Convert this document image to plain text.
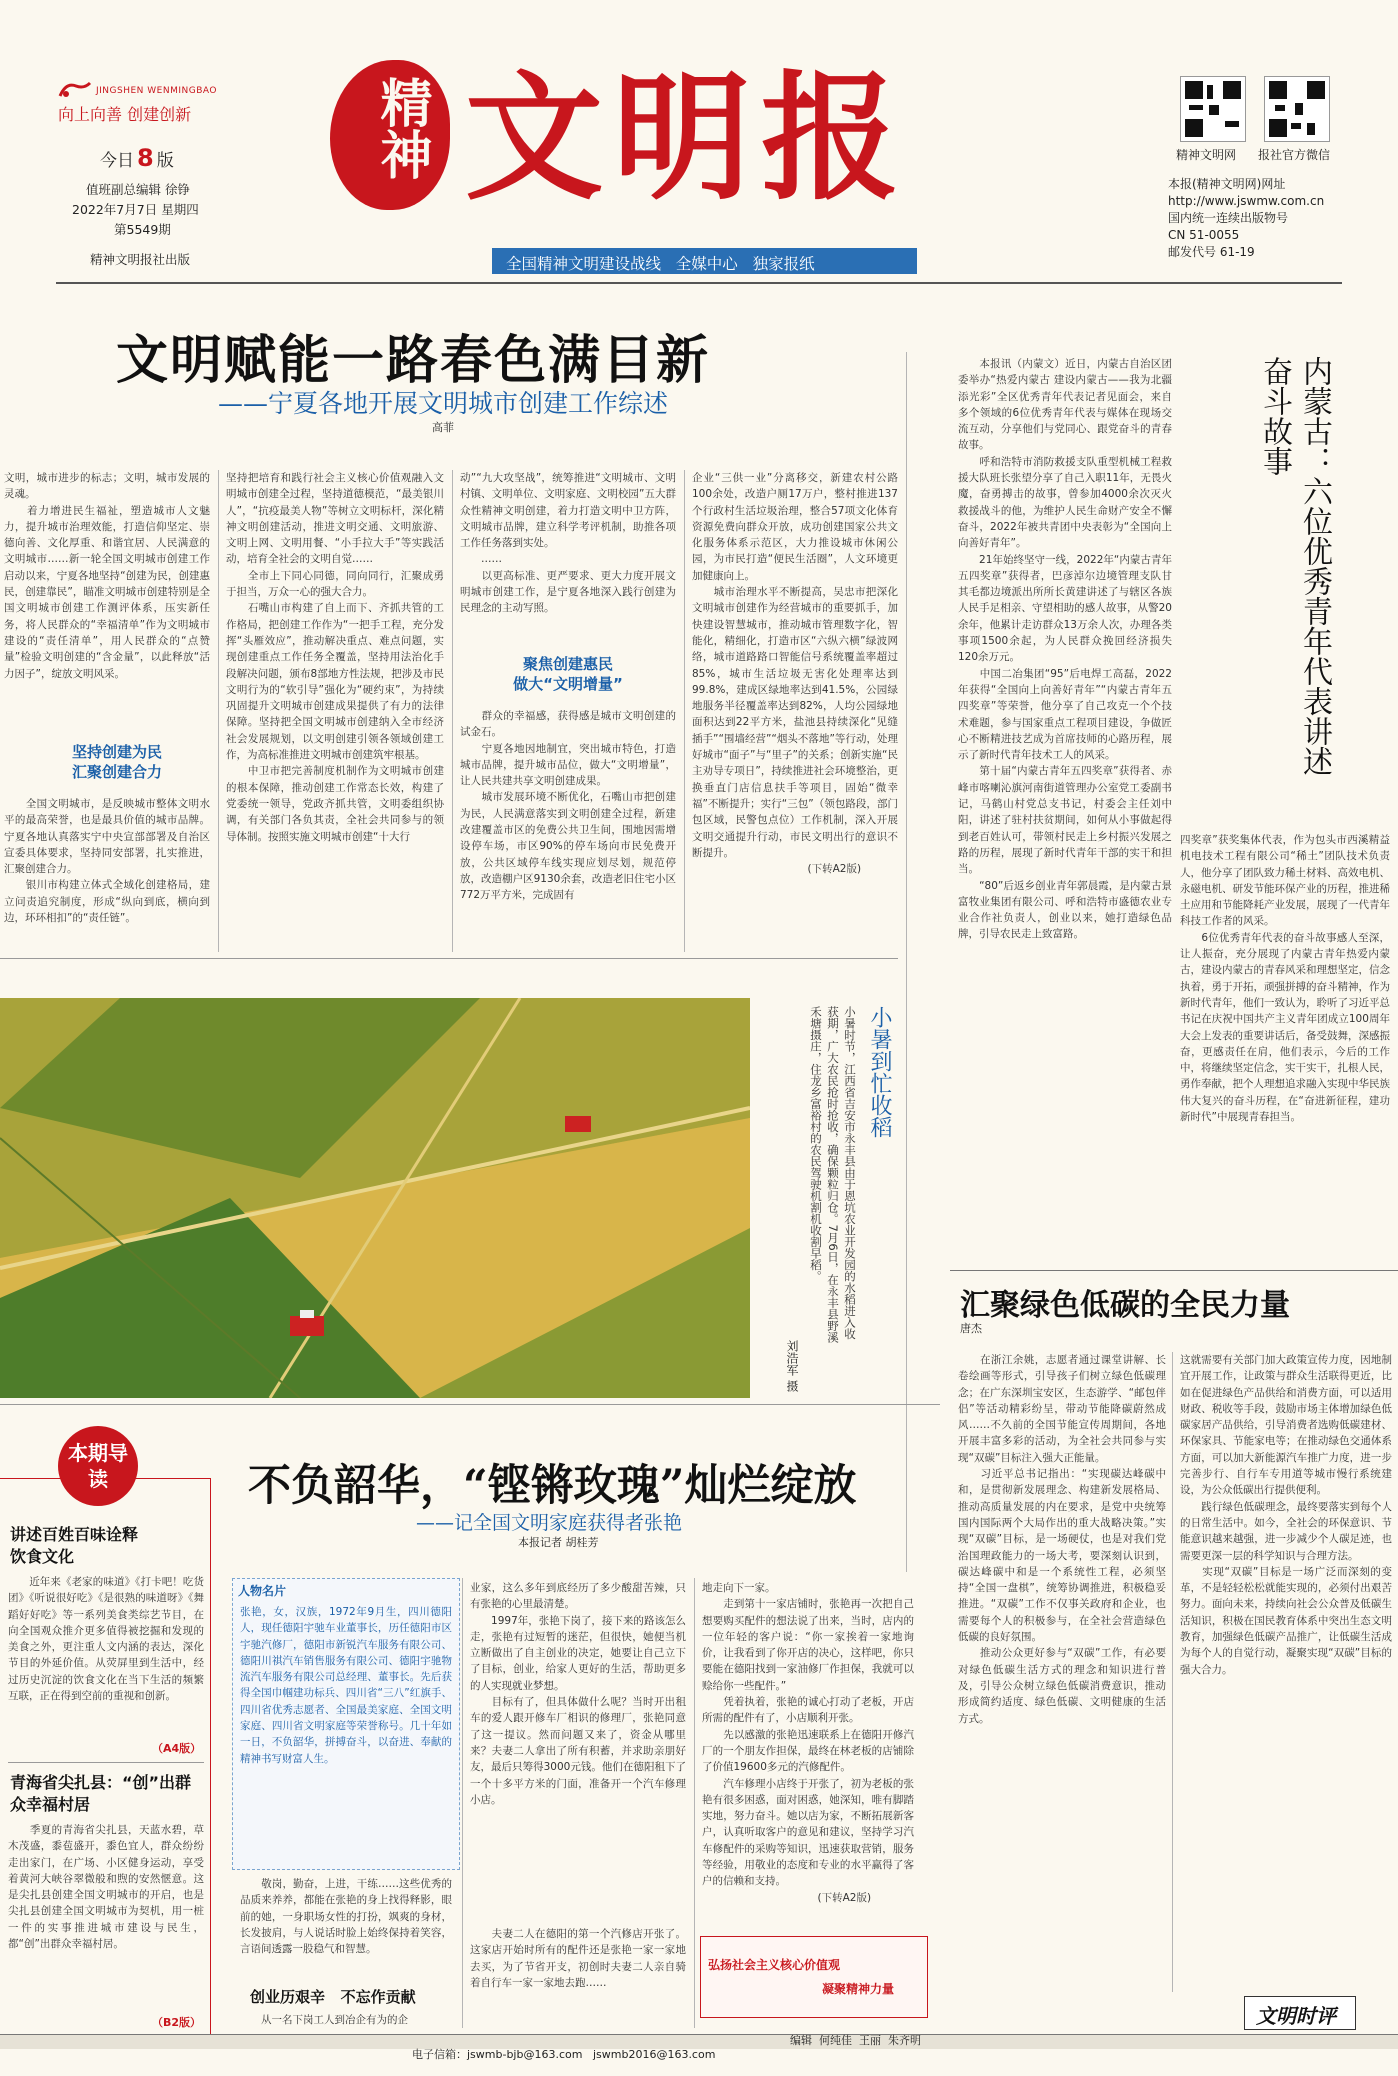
JINGSHEN WENMINGBAO
向上向善 创建创新
今日 8 版
值班副总编辑 徐铮
2022年7月7日 星期四
第5549期
精神文明报社出版
精神 文明报
全国精神文明建设战线   全媒中心   独家报纸
精神文明网 报社官方微信
本报(精神文明网)网址
http://www.jswmw.com.cn
国内统一连续出版物号
CN 51-0055
邮发代号 61-19
文明赋能一路春色满目新
——宁夏各地开展文明城市创建工作综述
高菲
文明，城市进步的标志；文明，城市发展的灵魂。
　　着力增进民生福祉，塑造城市人文魅力，提升城市治理效能，打造信仰坚定、崇德向善、文化厚重、和谐宜居、人民满意的文明城市……新一轮全国文明城市创建工作启动以来，宁夏各地坚持“创建为民，创建惠民，创建靠民”，瞄准文明城市创建特别是全国文明城市创建工作测评体系，压实新任务，将人民群众的“幸福清单”作为文明城市建设的“责任清单”，用人民群众的“点赞量”检验文明创建的“含金量”，以此释放“活力因子”，绽放文明风采。
坚持创建为民
汇聚创建合力
　　全国文明城市，是反映城市整体文明水平的最高荣誉，也是最具价值的城市品牌。宁夏各地认真落实宁中央宣部部署及自治区宣委具体要求，坚持同安部署，扎实推进，汇聚创建合力。
　　银川市构建立体式全域化创建格局，建立问责追究制度，形成“纵向到底，横向到边，环环相扣”的“责任链”。
坚持把培育和践行社会主义核心价值观融入文明城市创建全过程，坚持道德模范，“最美银川人”，“抗疫最美人物”等树立文明标杆，深化精神文明创建活动，推进文明交通、文明旅游、文明上网、文明用餐、“小手拉大手”等实践活动，培育全社会的文明自觉……
　　全市上下同心同德，同向同行，汇聚成勇于担当，万众一心的强大合力。
　　石嘴山市构建了自上而下、齐抓共管的工作格局，把创建工作作为“一把手工程，充分发挥“头雁效应”，推动解决重点、难点问题，实现创建重点工作任务全覆盖，坚持用法治化手段解决问题，颁布8部地方性法规，把涉及市民文明行为的“软引导”强化为“硬约束”，为持续巩固提升文明城市创建成果提供了有力的法律保障。坚持把全国文明城市创建纳入全市经济社会发展规划，以文明创建引领各领域创建工作，为高标准推进文明城市创建筑牢根基。
　　中卫市把完善制度机制作为文明城市创建的根本保障，推动创建工作常态长效，构建了党委统一领导，党政齐抓共管，文明委组织协调，有关部门各负其责，全社会共同参与的领导体制。按照实施文明城市创建“十大行
动”“九大攻坚战”，统筹推进“文明城市、文明村镇、文明单位、文明家庭、文明校园”五大群众性精神文明创建，着力打造文明中卫方阵，文明城市品牌，建立科学考评机制，助推各项工作任务落到实处。
　　……
　　以更高标准、更严要求、更大力度开展文明城市创建工作，是宁夏各地深入践行创建为民理念的主动写照。
聚焦创建惠民
做大“文明增量”
　　群众的幸福感，获得感是城市文明创建的试金石。
　　宁夏各地因地制宜，突出城市特色，打造城市品牌，提升城市品位，做大“文明增量”，让人民共建共享文明创建成果。
　　城市发展环境不断优化，石嘴山市把创建为民，人民满意落实到文明创建全过程，新建改建覆盖市区的免费公共卫生间，围地因需增设停车场，市区90%的停车场向市民免费开放，公共区域停车线实现应划尽划，规范停放，改造棚户区9130余套，改造老旧住宅小区772万平方米，完成固有
企业“三供一业”分离移交，新建农村公路100余处，改造户厕17万户，整村推进137个行政村生活垃圾治理，整合57项文化体育资源免费向群众开放，成功创建国家公共文化服务体系示范区，大力推设城市休闲公园，为市民打造“便民生活圈”，人文环境更加健康向上。
　　城市治理水平不断提高，吴忠市把深化文明城市创建作为经营城市的重要抓手，加快建设智慧城市，推动城市管理数字化，智能化，精细化，打造市区“六纵六横”绿波网络，城市道路路口智能信号系统覆盖率超过85%，城市生活垃圾无害化处理率达到99.8%，建成区绿地率达到41.5%，公园绿地服务半径覆盖率达到82%，人均公园绿地面积达到22平方米，盐池县持续深化“见缝插手”“围墙经营”“烟头不落地”等行动，处理好城市“面子”与“里子”的关系；创新实施“民主劝导专项日”，持续推进社会环境整治，更换垂直门店信息扶手等项目，固始“微幸福”不断提升；实行“三包”（领包路段，部门包区域，民警包点位）工作机制，深入开展文明交通提升行动，市民文明出行的意识不断提升。
　　　　　　　　　　　(下转A2版)
　　本报讯（内蒙文）近日，内蒙古自治区团委举办“热爱内蒙古 建设内蒙古——我为北疆添光彩”全区优秀青年代表记者见面会，来自多个领域的6位优秀青年代表与媒体在现场交流互动，分享他们与党同心、跟党奋斗的青春故事。
　　呼和浩特市消防救援支队重型机械工程救援大队班长张望分享了自己入职11年，无畏火魔，奋勇搏击的故事，曾参加4000余次灭火救援战斗的他，为维护人民生命财产安全不懈奋斗，2022年被共青团中央表彰为“全国向上向善好青年”。
　　21年始终坚守一线，2022年“内蒙古青年五四奖章”获得者，巴彦淖尔边境管理支队甘其毛都边境派出所所长黄建讲述了与辖区各族人民手足相亲、守望相助的感人故事，从警20余年，他累计走访群众13万余人次，办理各类事项1500余起，为人民群众挽回经济损失120余万元。
　　中国二冶集团“95”后电焊工高磊，2022年获得“全国向上向善好青年”“内蒙古青年五四奖章”等荣誉，他分享了自己攻克一个个技术难题，参与国家重点工程项目建设，争做匠心不断精进技艺成为首席技师的心路历程，展示了新时代青年技术工人的风采。
　　第十届“内蒙古青年五四奖章”获得者、赤峰市喀喇沁旗河南街道管理办公室党工委副书记，马鹤山村党总支书记，村委会主任刘中阳，讲述了驻村扶贫期间，如何从小事做起得到老百姓认可，带领村民走上乡村振兴发展之路的历程，展现了新时代青年干部的实干和担当。
　　“80”后返乡创业青年郭晨霞，是内蒙古景富牧业集团有限公司、呼和浩特市盛德农业专业合作社负责人，创业以来，她打造绿色品牌，引导农民走上致富路。
内蒙古：六位优秀青年代表讲述奋斗故事
四奖章”获奖集体代表，作为包头市西溪精益机电技术工程有限公司“稀土”团队技术负责人，他分享了团队致力稀土材料、高效电机、永磁电机、研发节能环保产业的历程，推进稀土应用和节能降耗产业发展，展现了一代青年科技工作者的风采。
　　6位优秀青年代表的奋斗故事感人至深，让人振奋，充分展现了内蒙古青年热爱内蒙古，建设内蒙古的青春风采和理想坚定，信念执着，勇于开拓，顽强拼搏的奋斗精神，作为新时代青年，他们一致认为，聆听了习近平总书记在庆祝中国共产主义青年团成立100周年大会上发表的重要讲话后，备受鼓舞，深感振奋，更感责任在肩，他们表示，今后的工作中，将继续坚定信念，实干实干，扎根人民，勇作奉献，把个人理想追求融入实现中华民族伟大复兴的奋斗历程，在“奋进新征程，建功新时代”中展现青春担当。
小暑到忙收稻
小暑时节，江西省吉安市永丰县由于恩坑农业开发园的水稻进入收获期，广大农民抢时抢收，确保颗粒归仓。7月6日，在永丰县野溪禾塘摄庄，住龙乡富裕村的农民驾驶机割机收割早稻。
刘浩军 摄
汇聚绿色低碳的全民力量
唐杰
　　在浙江余姚，志愿者通过课堂讲解、长卷绘画等形式，引导孩子们树立绿色低碳理念；在广东深圳宝安区，生态游学、“邮包伴侣”等活动精彩纷呈，带动节能降碳蔚然成风……不久前的全国节能宣传周期间，各地开展丰富多彩的活动，为全社会共同参与实现“双碳”目标注入强大正能量。
　　习近平总书记指出：“实现碳达峰碳中和，是贯彻新发展理念、构建新发展格局、推动高质量发展的内在要求，是党中央统筹国内国际两个大局作出的重大战略决策。”实现“双碳”目标，是一场硬仗，也是对我们党治国理政能力的一场大考，要深刻认识到，碳达峰碳中和是一个系统性工程，必须坚持“全国一盘棋”，统筹协调推进，积极稳妥推进。“双碳”工作不仅事关政府和企业，也需要每个人的积极参与，在全社会营造绿色低碳的良好氛围。
　　推动公众更好参与“双碳”工作，有必要对绿色低碳生活方式的理念和知识进行普及，引导公众树立绿色低碳消费意识，推动形成简约适度、绿色低碳、文明健康的生活方式。
这就需要有关部门加大政策宣传力度，因地制宜开展工作，让政策与群众生活联得更近，比如在促进绿色产品供给和消费方面，可以适用财政、税收等手段，鼓励市场主体增加绿色低碳家居产品供给，引导消费者选购低碳建材、环保家具、节能家电等；在推动绿色交通体系方面，可以加大新能源汽车推广力度，进一步完善步行、自行车专用道等城市慢行系统建设，为公众低碳出行提供便利。
　　践行绿色低碳理念，最终要落实到每个人的日常生活中。如今，全社会的环保意识、节能意识越来越强，进一步减少个人碳足迹，也需要更深一层的科学知识与合理方法。
　　实现“双碳”目标是一场广泛而深刻的变革，不是轻轻松松就能实现的，必须付出艰苦努力。面向未来，持续向社会公众普及低碳生活知识，积极在国民教育体系中突出生态文明教育，加强绿色低碳产品推广，让低碳生活成为每个人的自觉行动，凝聚实现“双碳”目标的强大合力。
不负韶华，“铿锵玫瑰”灿烂绽放
——记全国文明家庭获得者张艳
本报记者 胡桂芳
人物名片
张艳，女，汉族，1972年9月生，四川德阳人，现任德阳宇驰车业董事长，历任德阳市区宇驰汽修厂，德阳市新锐汽车服务有限公司、德阳川祺汽车销售服务有限公司、德阳宇驰物流汽车服务有限公司总经理、董事长。先后获得全国巾帼建功标兵、四川省“三八”红旗手、四川省优秀志愿者、全国最美家庭、全国文明家庭、四川省文明家庭等荣誉称号。几十年如一日，不负韶华，拼搏奋斗，以奋进、奉献的精神书写财富人生。
　　敬岗，勤奋，上进，干练……这些优秀的品质来养养，都能在张艳的身上找得释影，眼前的她，一身职场女性的打扮，飒爽的身材，长发披肩，与人说话时脸上始终保持着笑容，言语间透露一股稳气和智慧。
创业历艰辛   不忘作贡献
　　从一名下岗工人到冶企有为的企
业家，这么多年到底经历了多少酸甜苦辣，只有张艳的心里最清楚。
　　1997年，张艳下岗了，接下来的路该怎么走，张艳有过短暂的迷茫，但很快，她便当机立断做出了自主创业的决定，她要让自己立下了目标，创业，给家人更好的生活，帮助更多的人实现就业梦想。
　　目标有了，但具体做什么呢？当时开出租车的爱人跟开修车厂相识的修理厂，张艳同意了这一提议。然而问题又来了，资金从哪里来？夫妻二人拿出了所有积蓄，并求助亲朋好友，最后只筹得3000元钱。他们在德阳租下了一个十多平方米的门面，准备开一个汽车修理小店。
　　夫妻二人在德阳的第一个汽修店开张了。这家店开始时所有的配件还是张艳一家一家地去买，为了节省开支，初创时夫妻二人亲自骑着自行车一家一家地去跑……
地走向下一家。
　　走到第十一家店铺时，张艳再一次把自己想要购买配件的想法说了出来，当时，店内的一位年轻的客户说：“你一家挨着一家地询价，让我看到了你开店的决心，这样吧，你只要能在德阳找到一家油修厂作担保，我就可以赊给你一些配件。”
　　凭着执着，张艳的诚心打动了老板，开店所需的配件有了，小店顺利开张。
　　先以感激的张艳迅速联系上在德阳开修汽厂的一个朋友作担保，最终在林老板的店铺除了价值19600多元的汽修配件。
　　汽车修理小店终于开张了，初为老板的张艳有很多困惑，面对困惑，她深知，唯有脚踏实地，努力奋斗。她以店为家，不断拓展新客户，认真听取客户的意见和建议，坚持学习汽车修配件的采购等知识，迅速获取营销，服务等经验，用敬业的态度和专业的水平赢得了客户的信赖和支持。
　　　　　　　　　　　(下转A2版)
弘扬社会主义核心价值观
凝聚精神力量
本期导读
讲述百姓百味诠释饮食文化
　　近年来《老家的味道》《打卡吧！吃货团》《听说很好吃》《是很熟的味道呀》《舞蹈好好吃》等一系列美食类综艺节目，在向全国观众推介更多值得被挖掘和发现的美食之外，更注重人文内涵的表达，深化节目的外延价值。从荧屏里到生活中，经过历史沉淀的饮食文化在当下生活的频繁互联，正在得到空前的重视和创新。
（A4版）
青海省尖扎县：“创”出群众幸福村居
　　季夏的青海省尖扎县，天蓝水碧，草木茂盛，黍苞盛开，黍色宜人，群众纷纷走出家门，在广场、小区健身运动，享受着黄河大峡谷翠微般和煦的安然惬意。这是尖扎县创建全国文明城市的开启，也是尖扎县创建全国文明城市为契机，用一桩一件的实事推进城市建设与民生，都“创”出群众幸福村居。
（B2版）	文明时评

电子信箱：jswmb-bjb@163.com jswmb2016@163.com

编辑  何纯佳  王丽  朱齐明
